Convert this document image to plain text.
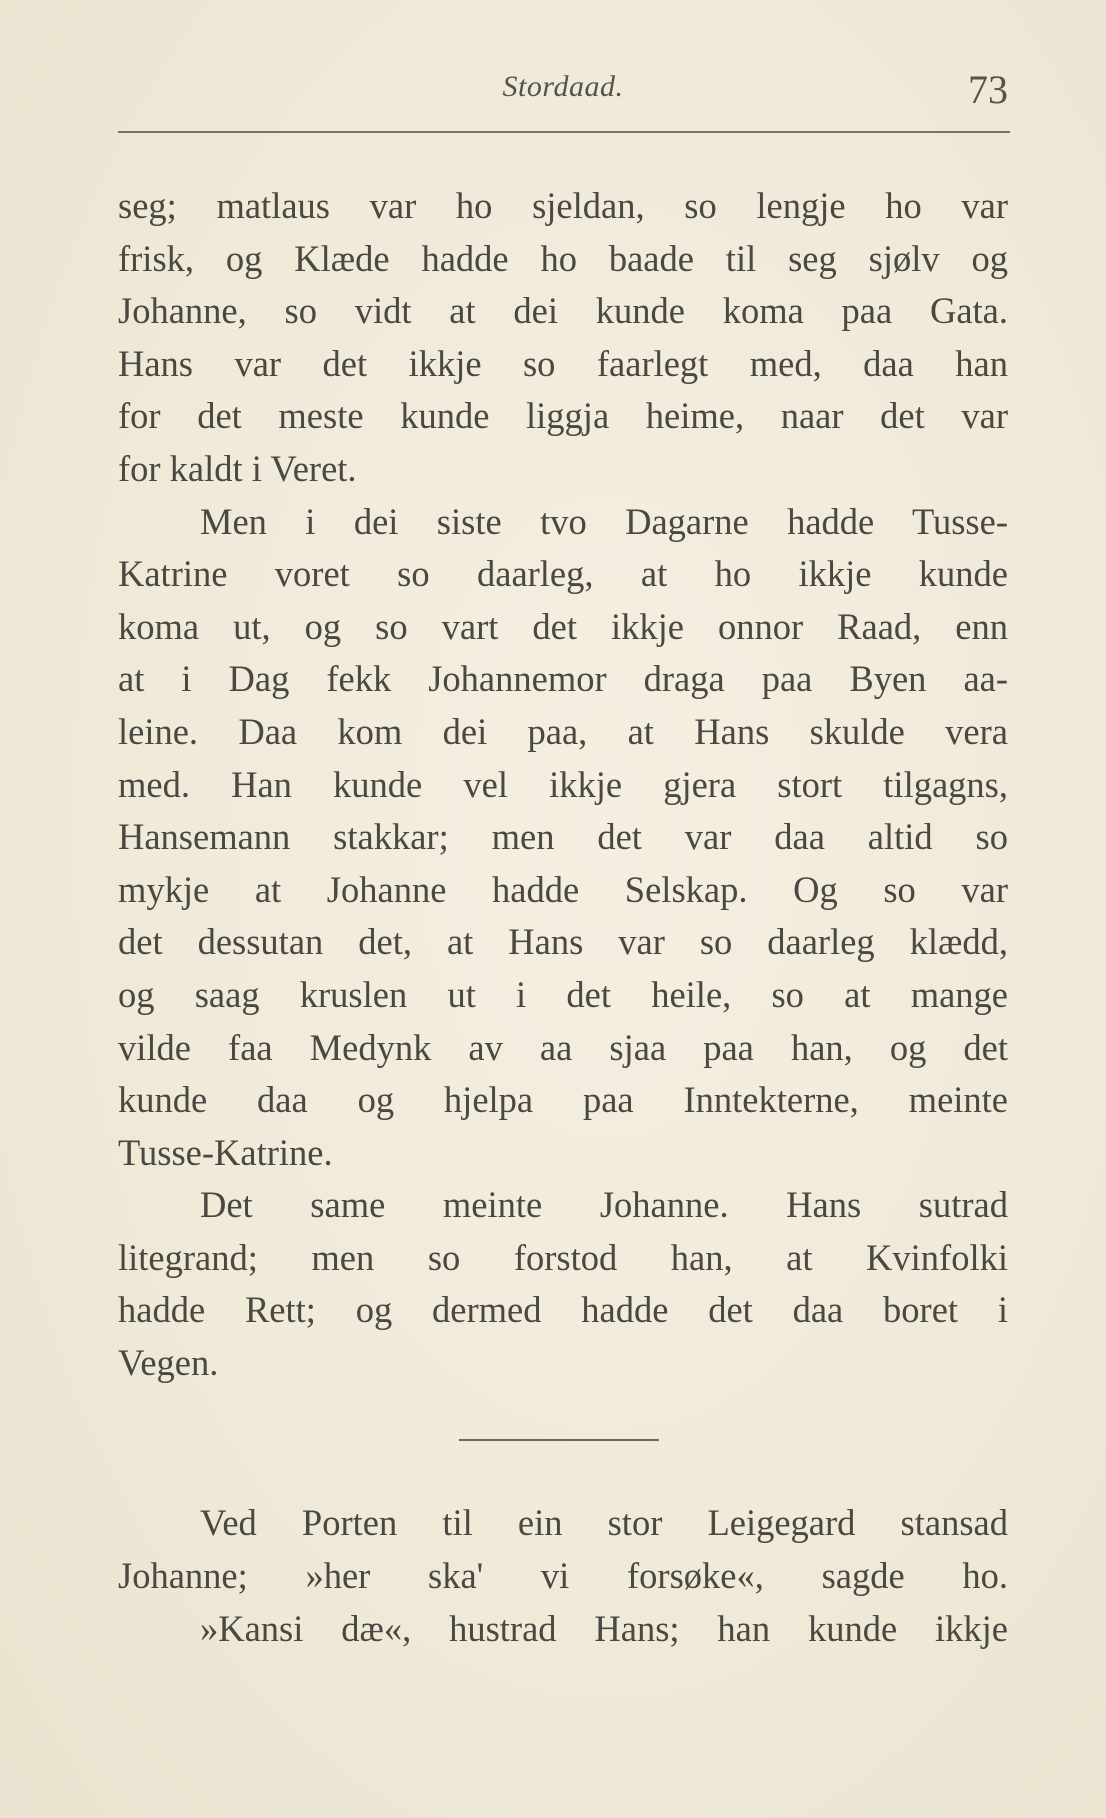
Stordaad.	73
seg; matlaus var ho sjeldan, so lengje ho var
frisk, og Klæde hadde ho baade til seg sjølv og
Johanne, so vidt at dei kunde koma paa Gata.
Hans var det ikkje so faarlegt med, daa han
for det meste kunde liggja heime, naar det var
for kaldt i Veret.
Men i dei siste tvo Dagarne hadde Tusse-
Katrine voret so daarleg, at ho ikkje kunde
koma ut, og so vart det ikkje onnor Raad, enn
at i Dag fekk Johannemor draga paa Byen aa-
leine. Daa kom dei paa, at Hans skulde vera
med. Han kunde vel ikkje gjera stort tilgagns,
Hansemann stakkar; men det var daa altid so
mykje at Johanne hadde Selskap. Og so var
det dessutan det, at Hans var so daarleg klædd,
og saag kruslen ut i det heile, so at mange
vilde faa Medynk av aa sjaa paa han, og det
kunde daa og hjelpa paa Inntekterne, meinte
Tusse-Katrine.
Det same meinte Johanne. Hans sutrad
litegrand; men so forstod han, at Kvinfolki
hadde Rett; og dermed hadde det daa boret i
Vegen.
Ved Porten til ein stor Leigegard stansad
Johanne; »her ska' vi forsøke«, sagde ho.
»Kansi dæ«, hustrad Hans; han kunde ikkje
